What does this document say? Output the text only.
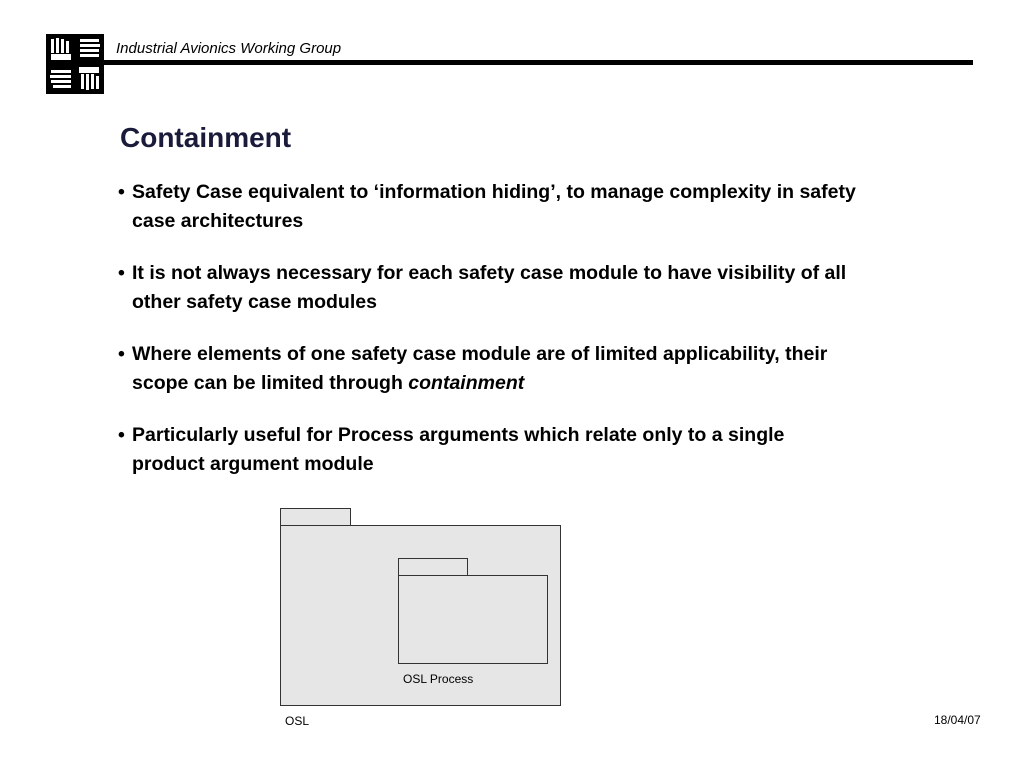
Industrial Avionics Working Group
Containment
• Safety Case equivalent to ‘information hiding’, to manage complexity in safety case architectures
• It is not always necessary for each safety case module to have visibility of all other safety case modules
• Where elements of one safety case module are of limited applicability, their scope can be limited through containment
• Particularly useful for Process arguments which relate only to a single product argument module
OSL Process
OSL	18/04/07
